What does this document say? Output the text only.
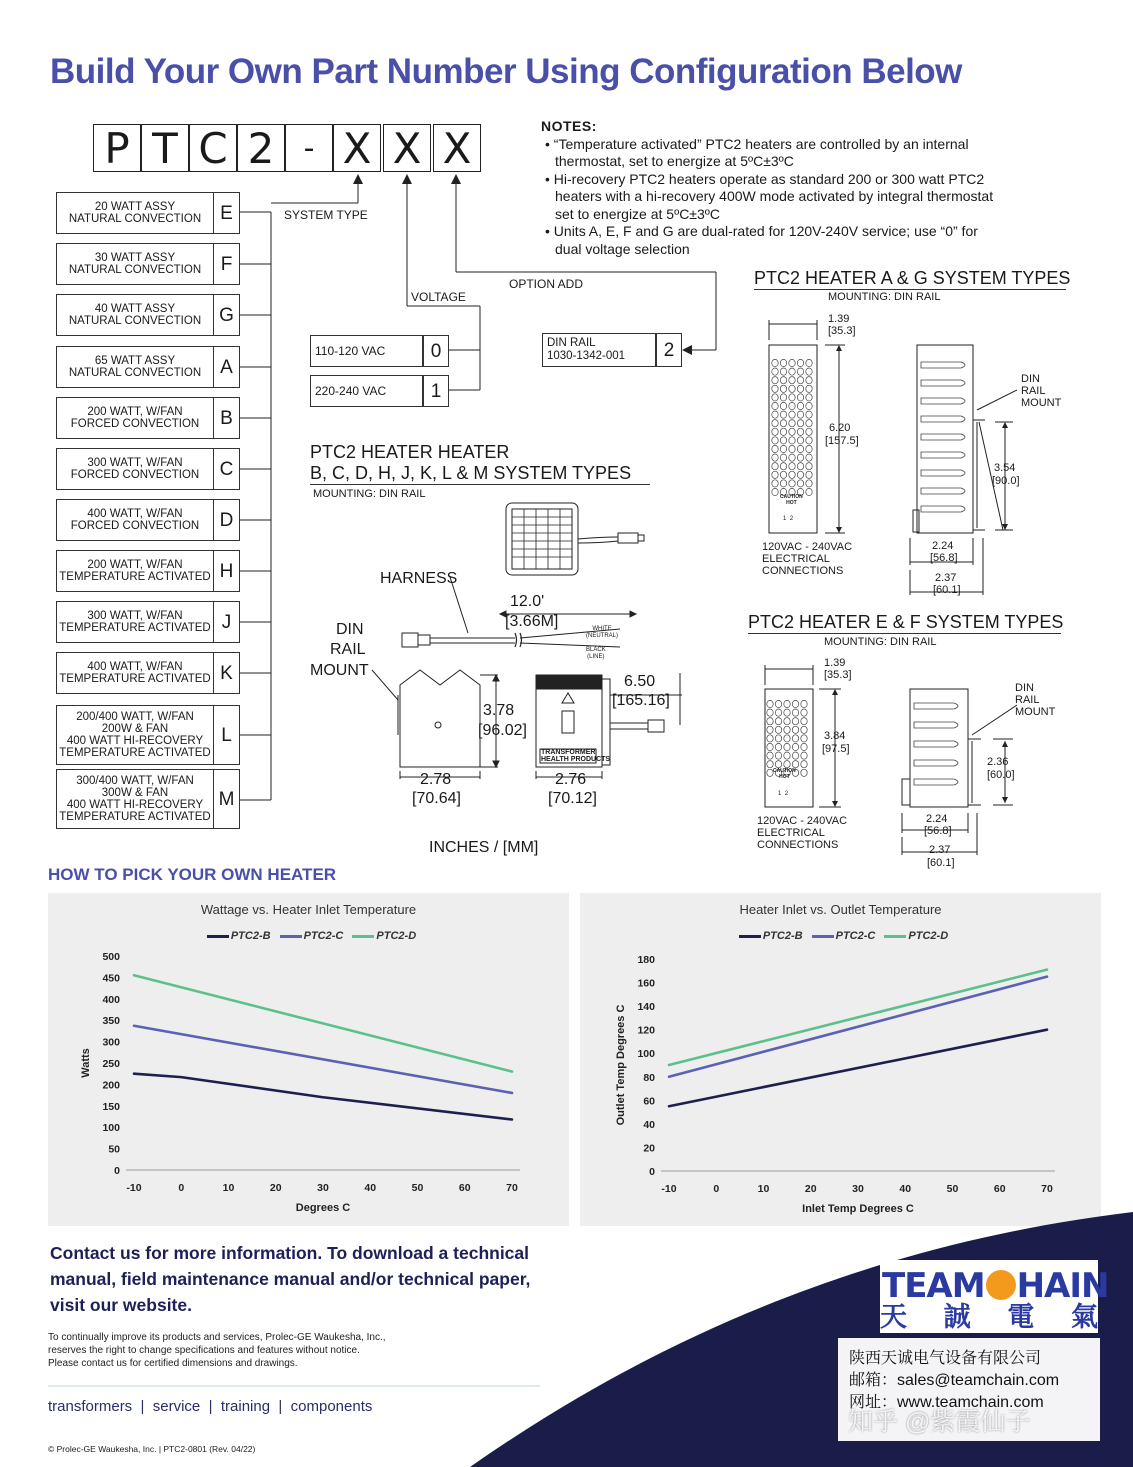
Build Your Own Part Number Using Configuration Below
P T C 2 - X X X
SYSTEM TYPE
VOLTAGE
OPTION ADD
20 WATT ASSY
NATURAL CONVECTION	E
30 WATT ASSY
NATURAL CONVECTION	F
40 WATT ASSY
NATURAL CONVECTION G
65 WATT ASSY
NATURAL CONVECTION	A
200 WATT, W/FAN
FORCED CONVECTION	B
300 WATT, W/FAN
FORCED CONVECTION	C
400 WATT, W/FAN
FORCED CONVECTION	D
200 WATT, W/FAN
TEMPERATURE ACTIVATED H
300 WATT, W/FAN
TEMPERATURE ACTIVATED J
400 WATT, W/FAN
TEMPERATURE ACTIVATED K
200/400 WATT, W/FAN
200W & FAN
400 WATT HI-RECOVERY
TEMPERATURE ACTIVATED
L
300/400 WATT, W/FAN
300W & FAN
400 WATT HI-RECOVERY
TEMPERATURE ACTIVATED
M
110-120 VAC	0
220-240 VAC	1
DIN RAIL
1030-1342-001	2
NOTES:
• “Temperature activated” PTC2 heaters are controlled by an internal thermostat, set to energize at 5ºC±3ºC
• Hi-recovery PTC2 heaters operate as standard 200 or 300 watt PTC2 heaters with a hi-recovery 400W mode activated by integral thermostat set to energize at 5ºC±3ºC
• Units A, E, F and G are dual-rated for 120V-240V service; use “0” for dual voltage selection
PTC2 HEATER HEATER
B, C, D, H, J, K, L & M SYSTEM TYPES
MOUNTING: DIN RAIL
HARNESS
12.0'
[3.66M]	WHITE
(NEUTRAL)
BLACK
(LINE)
DIN
RAIL
MOUNT
3.78
[96.02]
2.78
[70.64]
2.76
[70.12]
6.50
[165.16]
TRANSFORMER
HEALTH PRODUCTS
INCHES / [MM]
PTC2 HEATER A & G SYSTEM TYPES
MOUNTING: DIN RAIL
1.39
[35.3]
6.20
[157.5]
3.54
[90.0]
DIN
RAIL
MOUNT
120VAC - 240VAC
ELECTRICAL
CONNECTIONS
CAUTION
HOT
1 2
2.24
[56.8]
2.37
[60.1]
PTC2 HEATER E & F SYSTEM TYPES
MOUNTING: DIN RAIL
1.39
[35.3]
3.84
[97.5]
2.36
[60.0]
DIN
RAIL
MOUNT
120VAC - 240VAC
ELECTRICAL
CONNECTIONS
CAUTION
HOT
1 2
2.24
[56.8]
2.37
[60.1]
HOW TO PICK YOUR OWN HEATER
Wattage vs. Heater Inlet Temperature
PTC2-B	PTC2-C	PTC2-D
0
50
100
150
200
250
300
350
400
450
500
-10	0	10	20	30	40	50	60	70
Degrees C
Watts
Heater Inlet vs. Outlet Temperature
PTC2-B	PTC2-C	PTC2-D
0
20
40
60
80
100
120
140
160
180
-10	0	10	20	30	40	50	60	70
Inlet Temp Degrees C
Outlet Temp Degrees C
Contact us for more information. To download a technical manual, field maintenance manual and/or technical paper, visit our website.
To continually improve its products and services, Prolec-GE Waukesha, Inc.,
reserves the right to change specifications and features without notice.
Please contact us for certified dimensions and drawings.
transformers  |  service  |  training  |  components
© Prolec-GE Waukesha, Inc. | PTC2-0801 (Rev. 04/22)
TEAM HAIN
天 誠 電 氣
陕西天诚电气设备有限公司
邮箱：sales@teamchain.com
网址：www.teamchain.com
知乎 @紫霞仙子
